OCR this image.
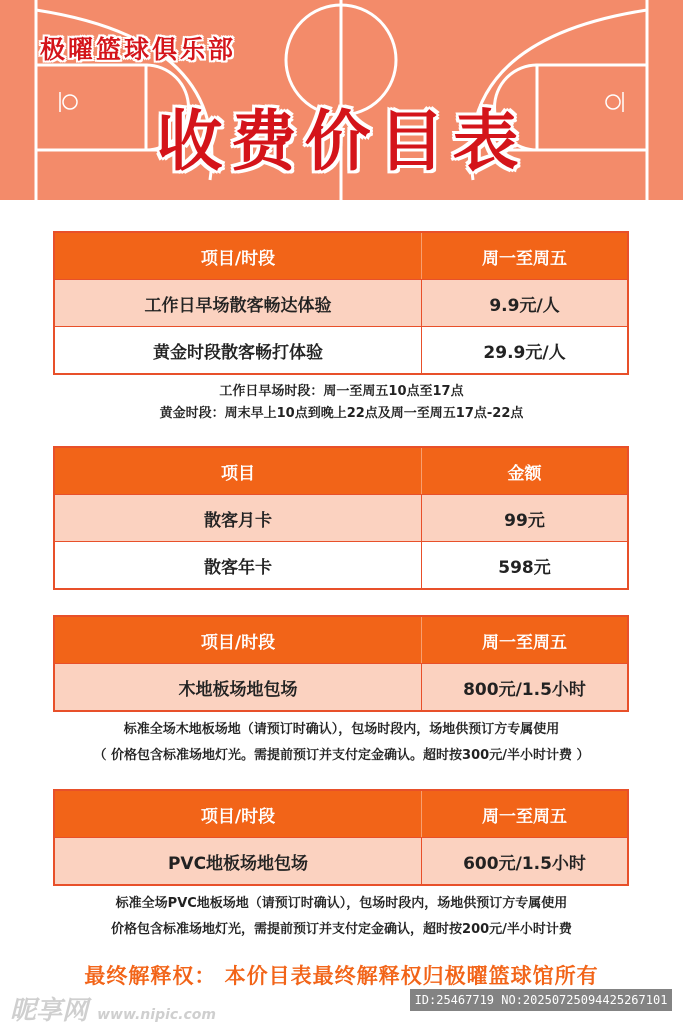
极曜篮球俱乐部
收费价目表
项目/时段	周一至周五
工作日早场散客畅达体验	9.9元/人
黄金时段散客畅打体验	29.9元/人
工作日早场时段：周一至周五10点至17点
黄金时段：周末早上10点到晚上22点及周一至周五17点-22点
项目	金额
散客月卡	99元
散客年卡	598元
项目/时段	周一至周五
木地板场地包场	800元/1.5小时
标准全场木地板场地（请预订时确认），包场时段内，场地供预订方专属使用
（ 价格包含标准场地灯光。需提前预订并支付定金确认。超时按300元/半小时计费 ）
项目/时段	周一至周五
PVC地板场地包场	600元/1.5小时
标准全场PVC地板场地（请预订时确认），包场时段内，场地供预订方专属使用
价格包含标准场地灯光，需提前预订并支付定金确认，超时按200元/半小时计费
最终解释权： 本价目表最终解释权归极曜篮球馆所有
昵享网 www.nipic.com
ID:25467719 NO:20250725094425267101
